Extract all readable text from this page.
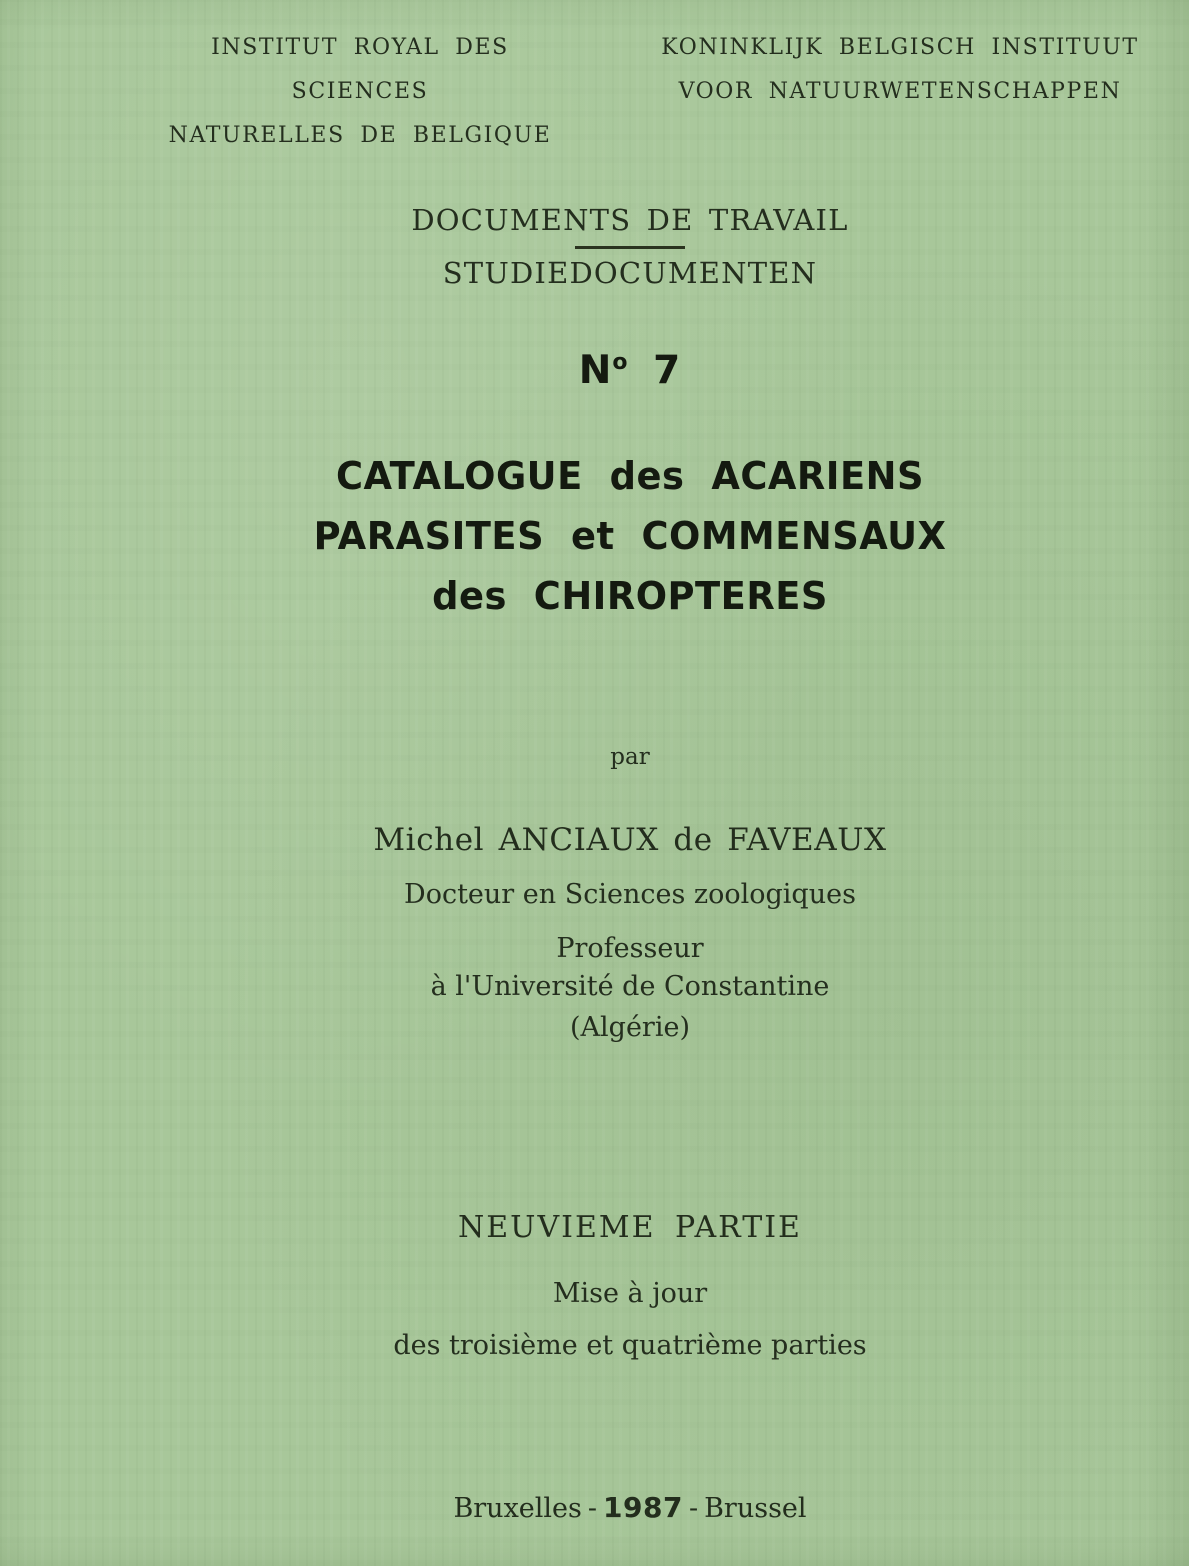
INSTITUT ROYAL DES SCIENCES
NATURELLES DE BELGIQUE
KONINKLIJK BELGISCH INSTITUUT
VOOR NATUURWETENSCHAPPEN
DOCUMENTS DE TRAVAIL
STUDIEDOCUMENTEN
$N^o$ 7
CATALOGUE des ACARIENS
PARASITES et COMMENSAUX
des CHIROPTERES
par
Michel ANCIAUX de FAVEAUX
Docteur en Sciences zoologiques
Professeur
à l'Université de Constantine
(Algérie)
NEUVIEME PARTIE
Mise à jour
des troisième et quatrième parties
Bruxelles - 1987 - Brussel
